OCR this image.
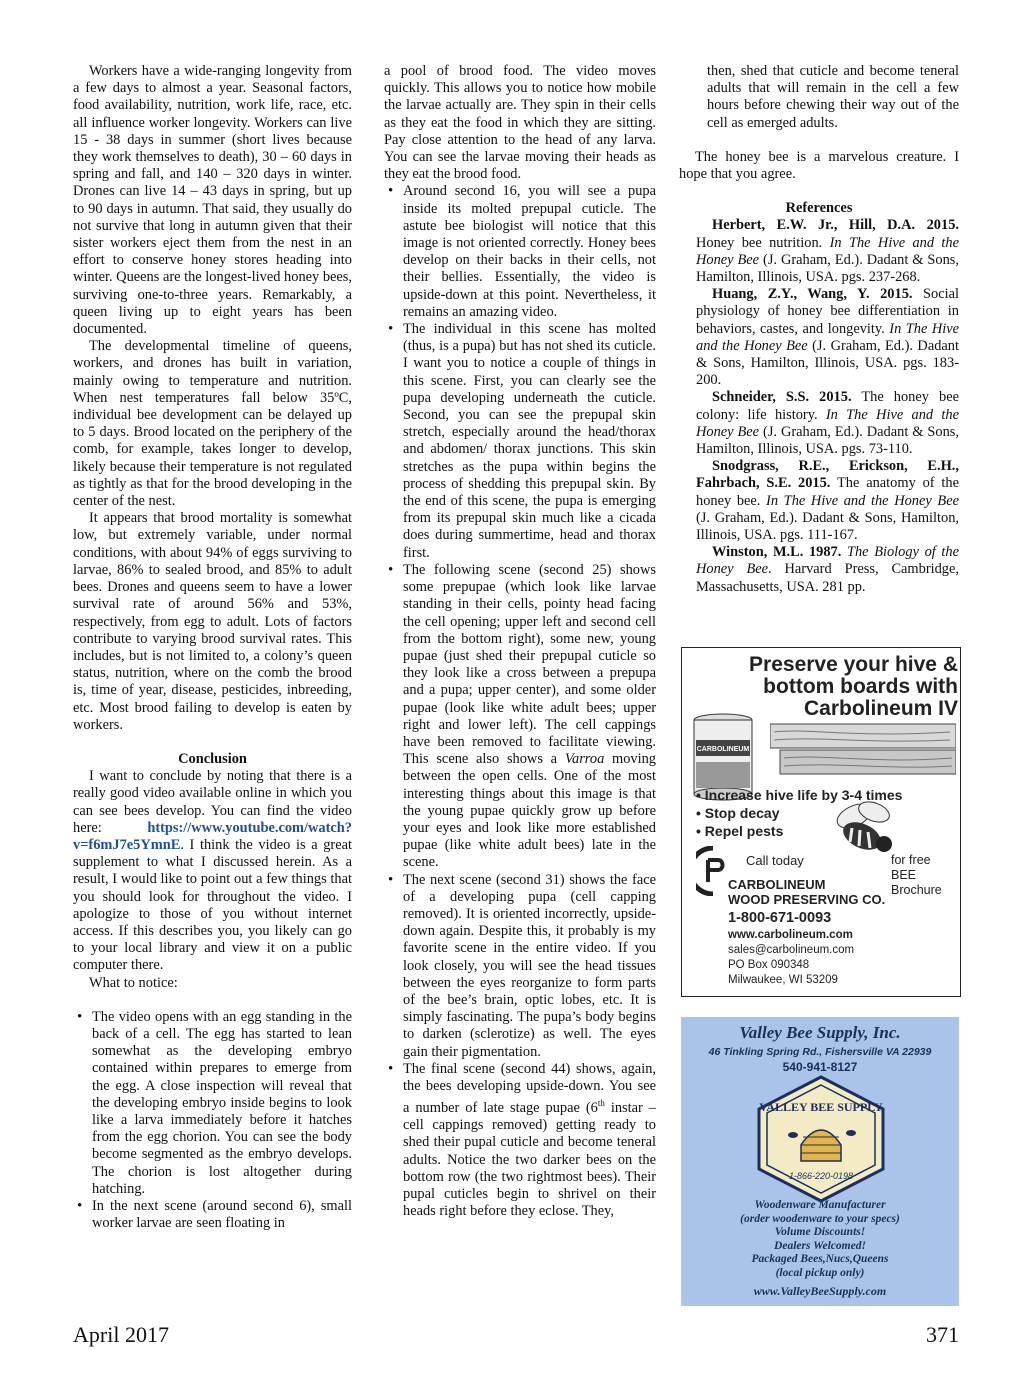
Workers have a wide-ranging longevity from a few days to almost a year. Seasonal factors, food availability, nutrition, work life, race, etc. all influence worker longevity. Workers can live 15 - 38 days in summer (short lives because they work themselves to death), 30 – 60 days in spring and fall, and 140 – 320 days in winter. Drones can live 14 – 43 days in spring, but up to 90 days in autumn. That said, they usually do not survive that long in autumn given that their sister workers eject them from the nest in an effort to conserve honey stores heading into winter. Queens are the longest-lived honey bees, surviving one-to-three years. Remarkably, a queen living up to eight years has been documented.

The developmental timeline of queens, workers, and drones has built in variation, mainly owing to temperature and nutrition. When nest temperatures fall below 35ºC, individual bee development can be delayed up to 5 days. Brood located on the periphery of the comb, for example, takes longer to develop, likely because their temperature is not regulated as tightly as that for the brood developing in the center of the nest.

It appears that brood mortality is somewhat low, but extremely variable, under normal conditions, with about 94% of eggs surviving to larvae, 86% to sealed brood, and 85% to adult bees. Drones and queens seem to have a lower survival rate of around 56% and 53%, respectively, from egg to adult. Lots of factors contribute to varying brood survival rates. This includes, but is not limited to, a colony’s queen status, nutrition, where on the comb the brood is, time of year, disease, pesticides, inbreeding, etc. Most brood failing to develop is eaten by workers.

Conclusion

I want to conclude by noting that there is a really good video available online in which you can see bees develop. You can find the video here:	https://www.youtube.com/watch?v=f6mJ7e5YmnE. I think the video is a great supplement to what I discussed herein. As a result, I would like to point out a few things that you should look for throughout the video. I apologize to those of you without internet access. If this describes you, you likely can go to your local library and view it on a public computer there.

What to notice:

• The video opens with an egg standing in the back of a cell. The egg has started to lean somewhat as the developing embryo contained within prepares to emerge from the egg. A close inspection will reveal that the developing embryo inside begins to look like a larva immediately before it hatches from the egg chorion. You can see the body become segmented as the embryo develops. The chorion is lost altogether during hatching.
• In the next scene (around second 6), small worker larvae are seen floating in

a pool of brood food. The video moves quickly. This allows you to notice how mobile the larvae actually are. They spin in their cells as they eat the food in which they are sitting. Pay close attention to the head of any larva. You can see the larvae moving their heads as they eat the brood food.

• Around second 16, you will see a pupa inside its molted prepupal cuticle. The astute bee biologist will notice that this image is not oriented correctly. Honey bees develop on their backs in their cells, not their bellies. Essentially, the video is upside-down at this point. Nevertheless, it remains an amazing video.
• The individual in this scene has molted (thus, is a pupa) but has not shed its cuticle. I want you to notice a couple of things in this scene. First, you can clearly see the pupa developing underneath the cuticle. Second, you can see the prepupal skin stretch, especially around the head/thorax and abdomen/ thorax junctions. This skin stretches as the pupa within begins the process of shedding this prepupal skin. By the end of this scene, the pupa is emerging from its prepupal skin much like a cicada does during summertime, head and thorax first.
• The following scene (second 25) shows some prepupae (which look like larvae standing in their cells, pointy head facing the cell opening; upper left and second cell from the bottom right), some new, young pupae (just shed their prepupal cuticle so they look like a cross between a prepupa and a pupa; upper center), and some older pupae (look like white adult bees; upper right and lower left). The cell cappings have been removed to facilitate viewing. This scene also shows a Varroa moving between the open cells. One of the most interesting things about this image is that the young pupae quickly grow up before your eyes and look like more established pupae (like white adult bees) late in the scene.
• The next scene (second 31) shows the face of a developing pupa (cell capping removed). It is oriented incorrectly, upside-down again. Despite this, it probably is my favorite scene in the entire video. If you look closely, you will see the head tissues between the eyes reorganize to form parts of the bee’s brain, optic lobes, etc. It is simply fascinating. The pupa’s body begins to darken (sclerotize) as well. The eyes gain their pigmentation.
• The final scene (second 44) shows, again, the bees developing upside-down. You see a number of late stage pupae (6th instar – cell cappings removed) getting ready to shed their pupal cuticle and become teneral adults. Notice the two darker bees on the bottom row (the two rightmost bees). Their pupal cuticles begin to shrivel on their heads right before they eclose. They,

then, shed that cuticle and become teneral adults that will remain in the cell a few hours before chewing their way out of the cell as emerged adults.

The honey bee is a marvelous creature. I hope that you agree.

References

Herbert, E.W. Jr., Hill, D.A. 2015. Honey bee nutrition. In The Hive and the Honey Bee (J. Graham, Ed.). Dadant & Sons, Hamilton, Illinois, USA. pgs. 237-268.

Huang, Z.Y., Wang, Y. 2015. Social physiology of honey bee differentiation in behaviors, castes, and longevity. In The Hive and the Honey Bee (J. Graham, Ed.). Dadant & Sons, Hamilton, Illinois, USA. pgs. 183-200.

Schneider, S.S. 2015. The honey bee colony: life history. In The Hive and the Honey Bee (J. Graham, Ed.). Dadant & Sons, Hamilton, Illinois, USA. pgs. 73-110.

Snodgrass, R.E., Erickson, E.H., Fahrbach, S.E. 2015. The anatomy of the honey bee. In The Hive and the Honey Bee (J. Graham, Ed.). Dadant & Sons, Hamilton, Illinois, USA. pgs. 111-167.

Winston, M.L. 1987. The Biology of the Honey Bee. Harvard Press, Cambridge, Massachusetts, USA. 281 pp.

Preserve your hive & bottom boards with Carbolineum IV
CARBOLINEUM
• Increase hive life by 3-4 times
• Stop decay
• Repel pests
Call today	for free
BEE
Brochure
CARBOLINEUM
WOOD PRESERVING CO.
1-800-671-0093
www.carbolineum.com
sales@carbolineum.com
PO Box 090348
Milwaukee, WI 53209
Valley Bee Supply, Inc.
46 Tinkling Spring Rd., Fishersville VA 22939
540-941-8127
VALLEY BEE SUPPLY
1-866-220-0198
Woodenware Manufacturer
(order woodenware to your specs)
Volume Discounts!
Dealers Welcomed!
Packaged Bees,Nucs,Queens
(local pickup only)
www.ValleyBeeSupply.com
April 2017	371
